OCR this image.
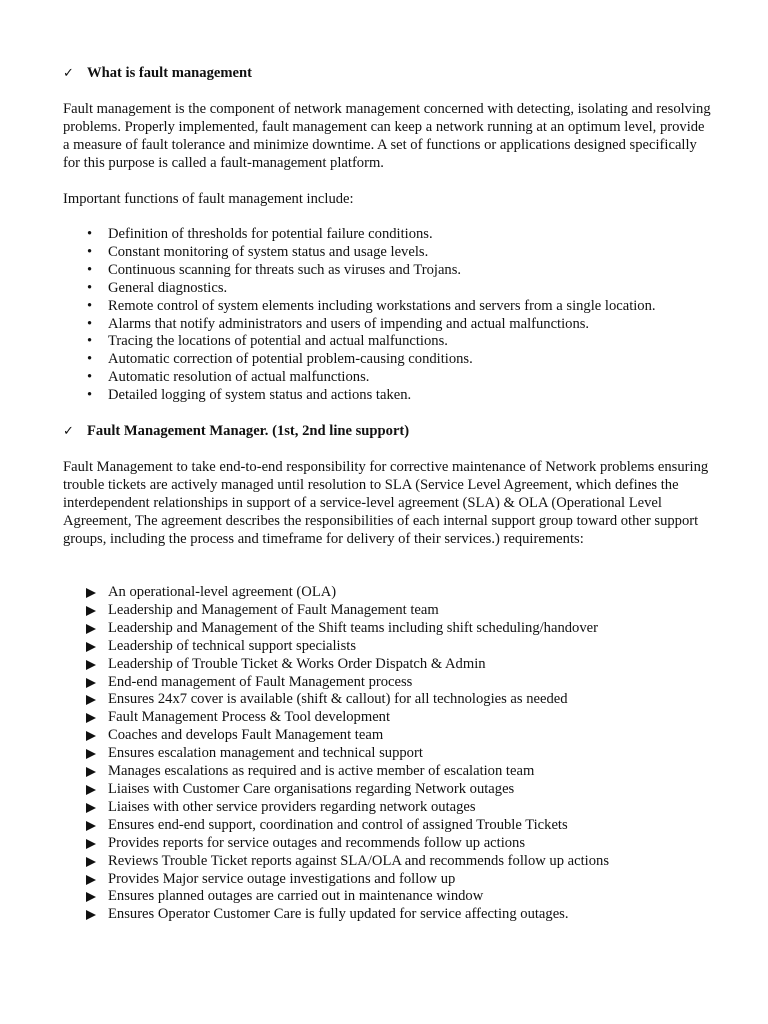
✓ What is fault management

Fault management is the component of network management concerned with detecting, isolating and resolving problems. Properly implemented, fault management can keep a network running at an optimum level, provide a measure of fault tolerance and minimize downtime. A set of functions or applications designed specifically for this purpose is called a fault-management platform.

Important functions of fault management include:

• Definition of thresholds for potential failure conditions.
• Constant monitoring of system status and usage levels.
• Continuous scanning for threats such as viruses and Trojans.
• General diagnostics.
• Remote control of system elements including workstations and servers from a single location.
• Alarms that notify administrators and users of impending and actual malfunctions.
• Tracing the locations of potential and actual malfunctions.
• Automatic correction of potential problem-causing conditions.
• Automatic resolution of actual malfunctions.
• Detailed logging of system status and actions taken.
✓ Fault Management Manager. (1st, 2nd line support)

Fault Management to take end-to-end responsibility for corrective maintenance of Network problems ensuring trouble tickets are actively managed until resolution to SLA (Service Level Agreement, which defines the interdependent relationships in support of a service-level agreement (SLA) & OLA (Operational Level Agreement, The agreement describes the responsibilities of each internal support group toward other support groups, including the process and timeframe for delivery of their services.) requirements:

An operational-level agreement (OLA)
Leadership and Management of Fault Management team
Leadership and Management of the Shift teams including shift scheduling/handover
Leadership of technical support specialists
Leadership of Trouble Ticket & Works Order Dispatch & Admin
End-end management of Fault Management process
Ensures 24x7 cover is available (shift & callout) for all technologies as needed
Fault Management Process & Tool development
Coaches and develops Fault Management team
Ensures escalation management and technical support
Manages escalations as required and is active member of escalation team
Liaises with Customer Care organisations regarding Network outages
Liaises with other service providers regarding network outages
Ensures end-end support, coordination and control of assigned Trouble Tickets
Provides reports for service outages and recommends follow up actions
Reviews Trouble Ticket reports against SLA/OLA and recommends follow up actions
Provides Major service outage investigations and follow up
Ensures planned outages are carried out in maintenance window
Ensures Operator Customer Care is fully updated for service affecting outages.
